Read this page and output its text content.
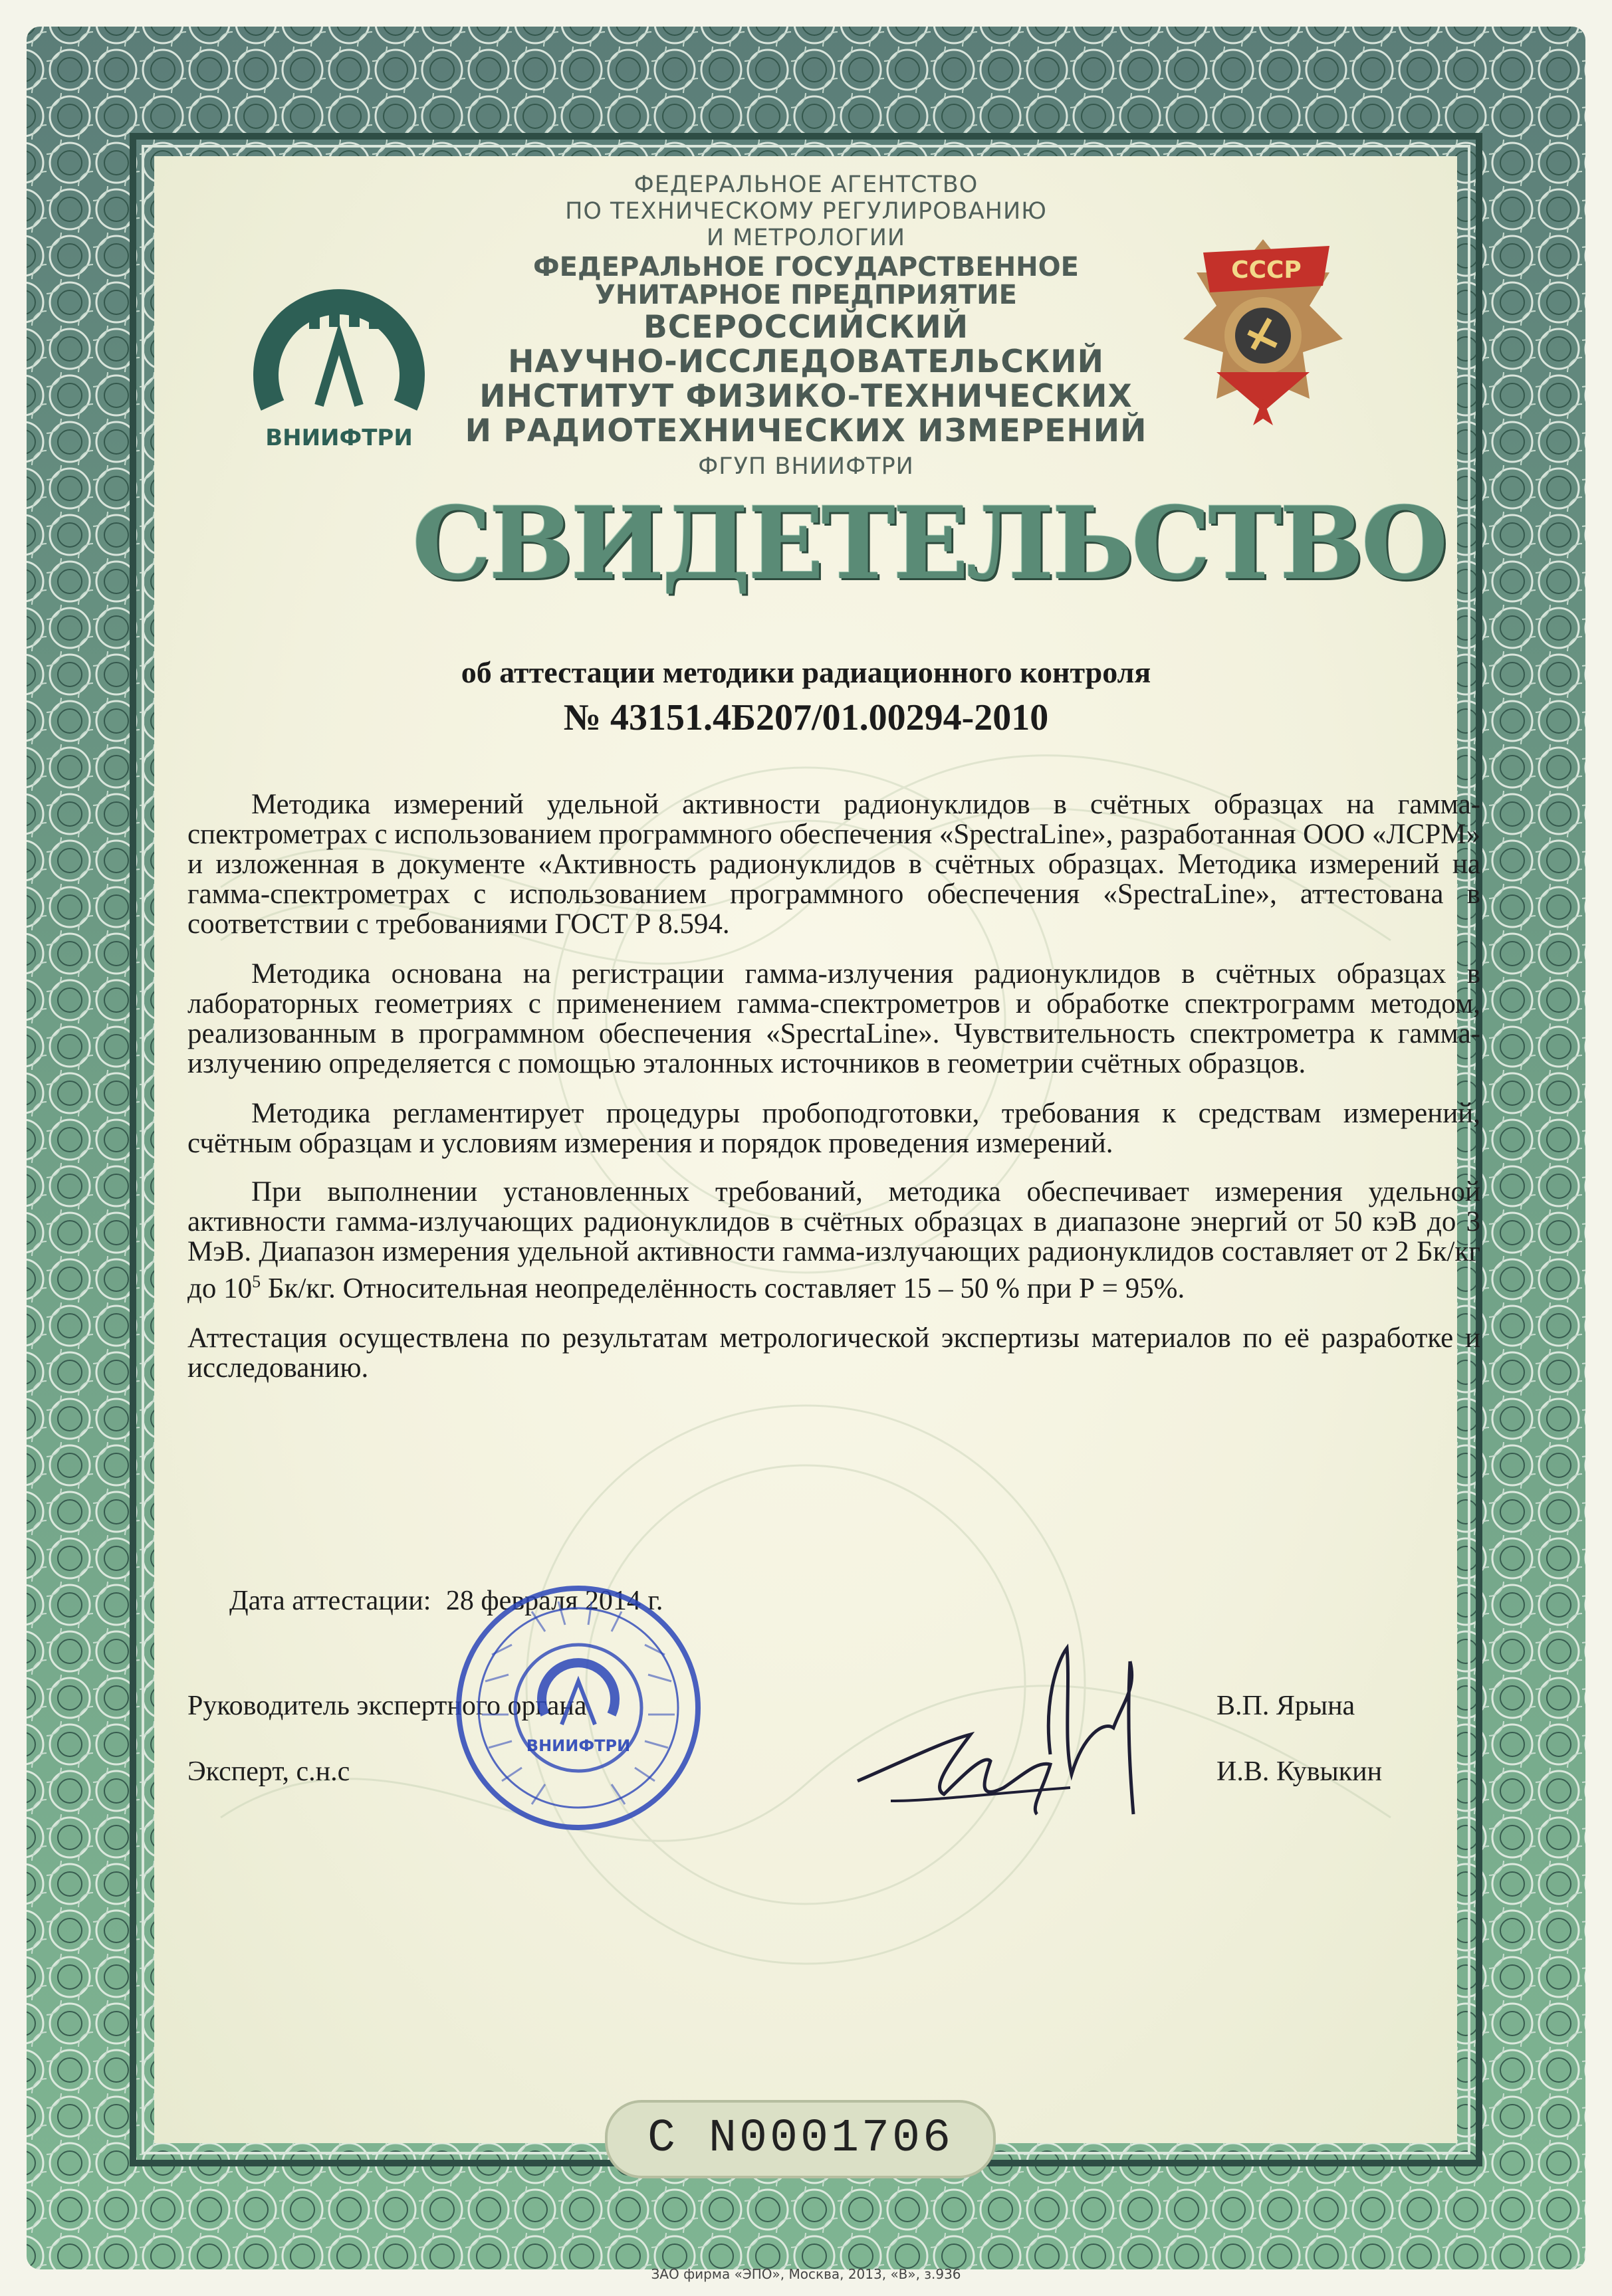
ВНИИФТРИ
СССР
ФЕДЕРАЛЬНОЕ АГЕНТСТВО
ПО ТЕХНИЧЕСКОМУ РЕГУЛИРОВАНИЮ
И МЕТРОЛОГИИ
ФЕДЕРАЛЬНОЕ ГОСУДАРСТВЕННОЕ
УНИТАРНОЕ ПРЕДПРИЯТИЕ
ВСЕРОССИЙСКИЙ
НАУЧНО-ИССЛЕДОВАТЕЛЬСКИЙ
ИНСТИТУТ ФИЗИКО-ТЕХНИЧЕСКИХ
И РАДИОТЕХНИЧЕСКИХ ИЗМЕРЕНИЙ
ФГУП ВНИИФТРИ
СВИДЕТЕЛЬСТВО
об аттестации методики радиационного контроля
№ 43151.4Б207/01.00294-2010

Методика измерений удельной активности радионуклидов в счётных образцах на гамма-спектрометрах с использованием программного обеспечения «SpectraLine», разработанная ООО «ЛСРМ» и изложенная в документе «Активность радионуклидов в счётных образцах. Методика измерений на гамма-спектрометрах с использованием программного обеспечения «SpectraLine», аттестована в соответствии с требованиями ГОСТ Р 8.594.

Методика основана на регистрации гамма-излучения радионуклидов в счётных образцах в лабораторных геометриях с применением гамма-спектрометров и обработке спектрограмм методом, реализованным в программном обеспечения «SpecrtaLine». Чувствительность спектрометра к гамма-излучению определяется с помощью эталонных источников в геометрии счётных образцов.

Методика регламентирует процедуры пробоподготовки, требования к средствам измерений, счётным образцам и условиям измерения и порядок проведения измерений.

При выполнении установленных требований, методика обеспечивает измерения удельной активности гамма-излучающих радионуклидов в счётных образцах в диапазоне энергий от 50 кэВ до 3 МэВ. Диапазон измерения удельной активности гамма-излучающих радионуклидов составляет от 2 Бк/кг до $10^5$ Бк/кг. Относительная неопределённость составляет 15 – 50 % при Р = 95%.

Аттестация осуществлена по результатам метрологической экспертизы материалов по её разработке и исследованию.

Дата аттестации: 28 февраля 2014 г.
Руководитель экспертного органа	В.П. Ярына
Эксперт, с.н.с	И.В. Кувыкин
ВНИИФТРИ
С N0001706
ЗАО фирма «ЭПО», Москва, 2013, «В», з.936
